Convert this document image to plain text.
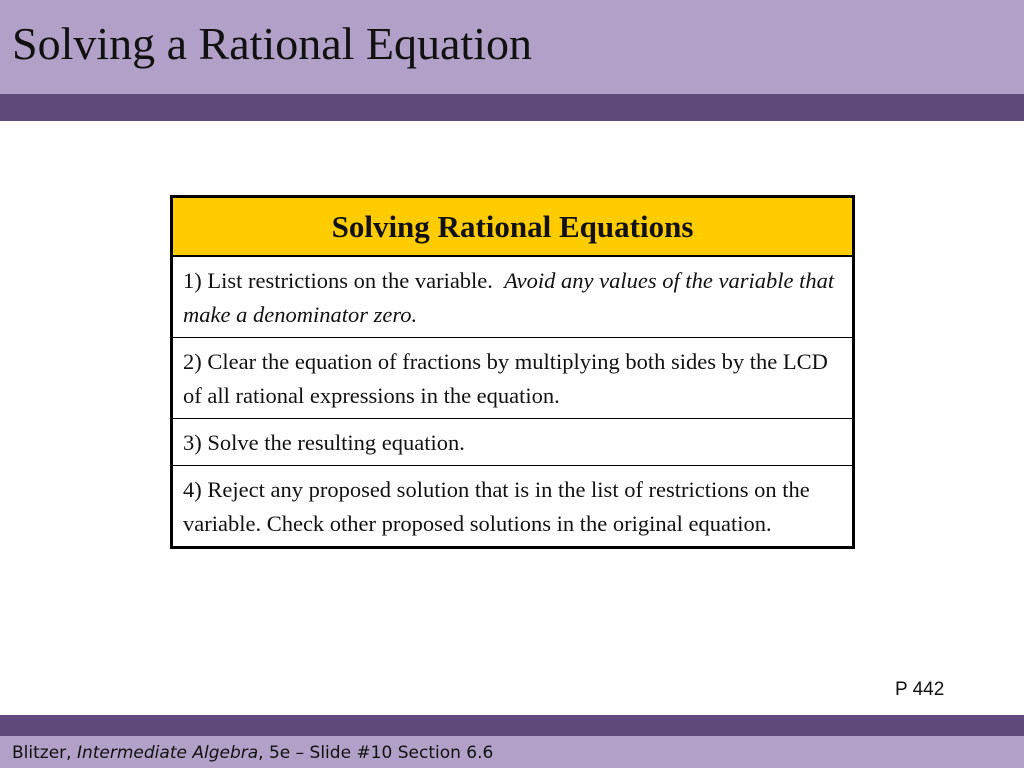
Solving a Rational Equation
Solving Rational Equations
1) List restrictions on the variable. Avoid any values of the variable that make a denominator zero.
2) Clear the equation of fractions by multiplying both sides by the LCD of all rational expressions in the equation.
3) Solve the resulting equation.
4) Reject any proposed solution that is in the list of restrictions on the variable. Check other proposed solutions in the original equation.
P 442
Blitzer, Intermediate Algebra, 5e – Slide #10 Section 6.6
